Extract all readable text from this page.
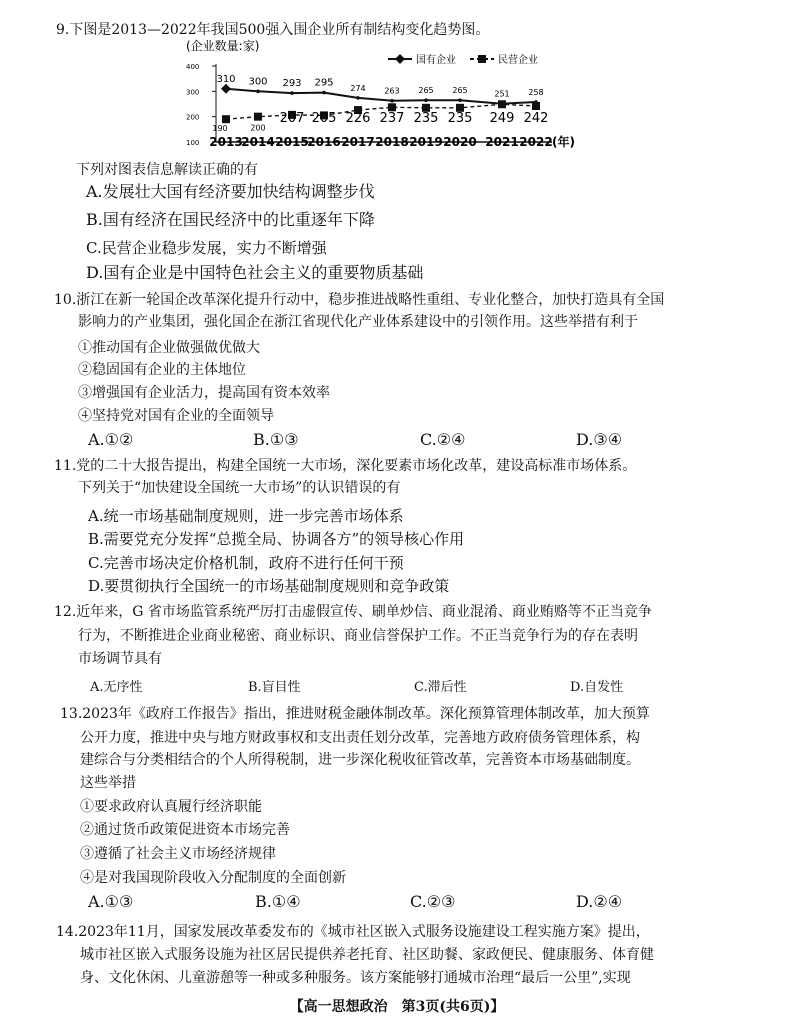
9.下图是2013—2022年我国500强入围企业所有制结构变化趋势图。
(企业数量:家)
国有企业	民营企业
400
300
200
100
310 300 293 295 274 263 265 265	251 258
190	200
207 205 226 237 235 235 249 242
2013
2014 2015
2016 2017 2018 2019 2020 2021 2022 (年)
下列对图表信息解读正确的有
A.发展壮大国有经济要加快结构调整步伐
B.国有经济在国民经济中的比重逐年下降
C.民营企业稳步发展，实力不断增强
D.国有企业是中国特色社会主义的重要物质基础
10.浙江在新一轮国企改革深化提升行动中，稳步推进战略性重组、专业化整合，加快打造具有全国
影响力的产业集团，强化国企在浙江省现代化产业体系建设中的引领作用。这些举措有利于
①推动国有企业做强做优做大
②稳固国有企业的主体地位
③增强国有企业活力，提高国有资本效率
④坚持党对国有企业的全面领导
A.①②	B.①③	C.②④	D.③④
11.党的二十大报告提出，构建全国统一大市场，深化要素市场化改革，建设高标准市场体系。
下列关于“加快建设全国统一大市场”的认识错误的有
A.统一市场基础制度规则，进一步完善市场体系
B.需要党充分发挥“总揽全局、协调各方”的领导核心作用
C.完善市场决定价格机制，政府不进行任何干预
D.要贯彻执行全国统一的市场基础制度规则和竞争政策
12.近年来，G 省市场监管系统严厉打击虚假宣传、刷单炒信、商业混淆、商业贿赂等不正当竞争
行为，不断推进企业商业秘密、商业标识、商业信誉保护工作。不正当竞争行为的存在表明
市场调节具有
A.无序性	B.盲目性	C.滞后性	D.自发性
13.2023年《政府工作报告》指出，推进财税金融体制改革。深化预算管理体制改革，加大预算
公开力度，推进中央与地方财政事权和支出责任划分改革，完善地方政府债务管理体系，构
建综合与分类相结合的个人所得税制，进一步深化税收征管改革，完善资本市场基础制度。
这些举措
①要求政府认真履行经济职能
②通过货币政策促进资本市场完善
③遵循了社会主义市场经济规律
④是对我国现阶段收入分配制度的全面创新
A.①③	B.①④	C.②③	D.②④
14.2023年11月，国家发展改革委发布的《城市社区嵌入式服务设施建设工程实施方案》提出，
城市社区嵌入式服务设施为社区居民提供养老托育、社区助餐、家政便民、健康服务、体育健
身、文化休闲、儿童游憩等一种或多种服务。该方案能够打通城市治理“最后一公里”,实现
【高一思想政治　第3页(共6页)】
